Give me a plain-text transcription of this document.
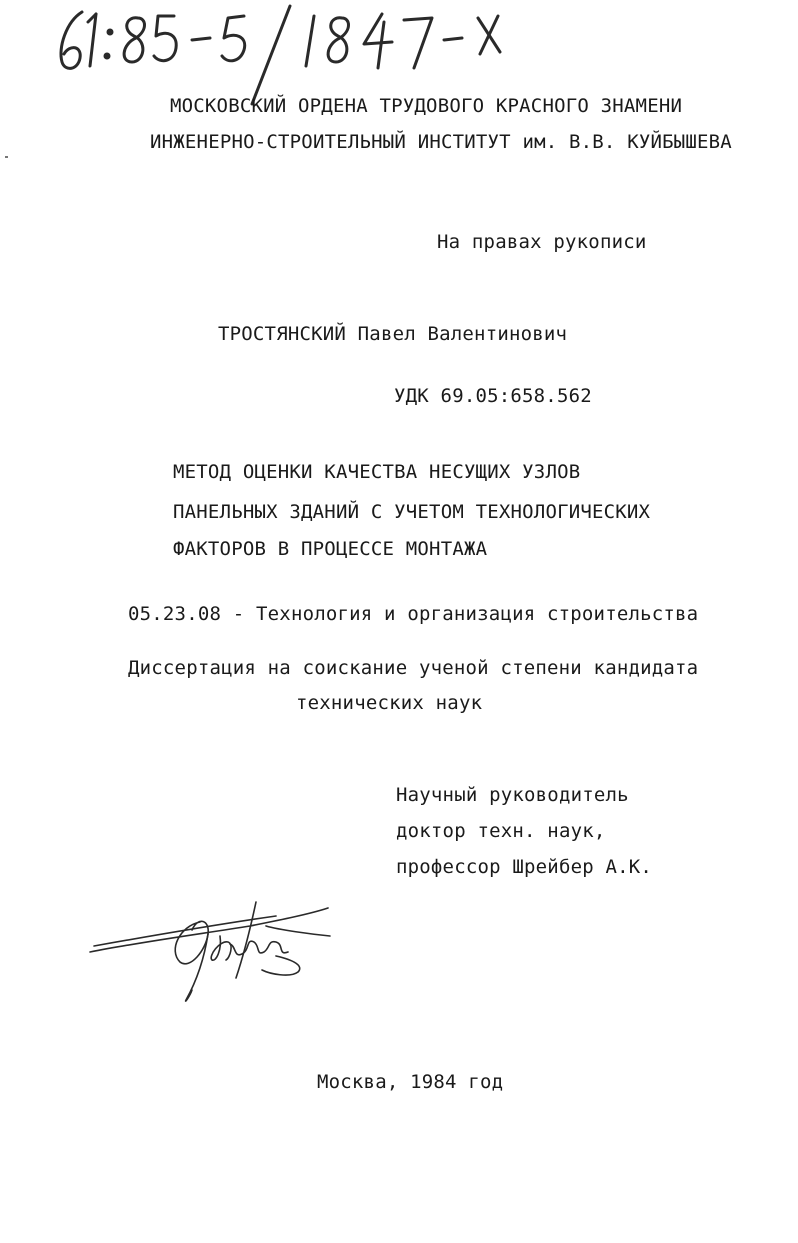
МОСКОВСКИЙ ОРДЕНА ТРУДОВОГО КРАСНОГО ЗНАМЕНИ
ИНЖЕНЕРНО-СТРОИТЕЛЬНЫЙ ИНСТИТУТ им. В.В. КУЙБЫШЕВА
На правах рукописи
ТРОСТЯНСКИЙ Павел Валентинович
УДК 69.05:658.562
МЕТОД ОЦЕНКИ КАЧЕСТВА НЕСУЩИХ УЗЛОВ
ПАНЕЛЬНЫХ ЗДАНИЙ С УЧЕТОМ ТЕХНОЛОГИЧЕСКИХ
ФАКТОРОВ В ПРОЦЕССЕ МОНТАЖА
05.23.08 - Технология и организация строительства
Диссертация на соискание ученой степени кандидата
технических наук
Научный руководитель
доктор техн. наук,
профессор Шрейбер А.К.
Москва, 1984 год
